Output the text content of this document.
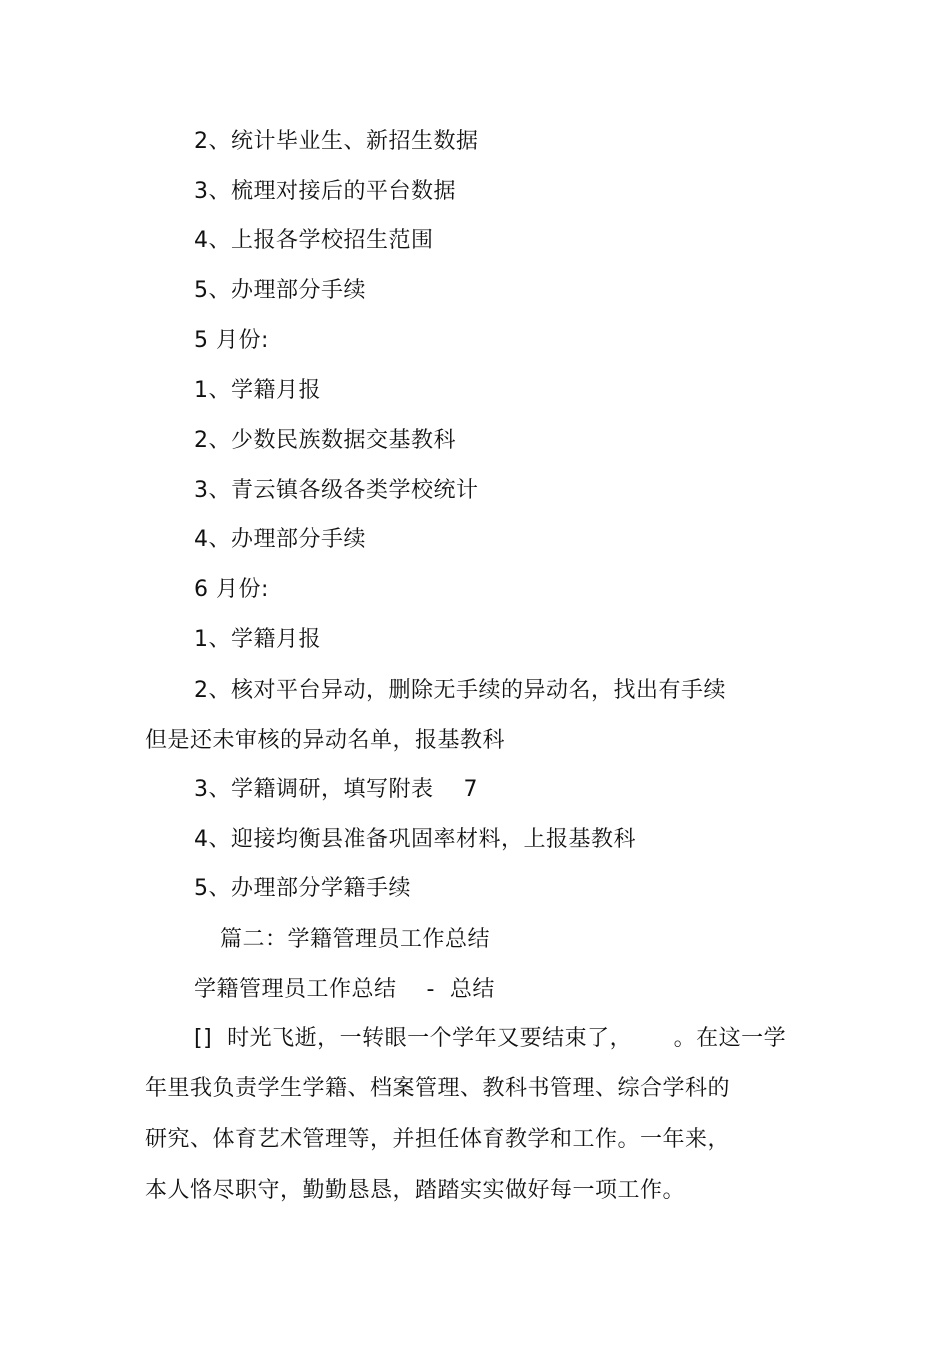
2、统计毕业生、新招生数据
3、梳理对接后的平台数据
4、上报各学校招生范围
5、办理部分手续
5 月份:
1、学籍月报
2、少数民族数据交基教科
3、青云镇各级各类学校统计
4、办理部分手续
6 月份:
1、学籍月报
2、核对平台异动，删除无手续的异动名，找出有手续
但是还未审核的异动名单，报基教科
3、学籍调研，填写附表　 7
4、迎接均衡县准备巩固率材料，上报基教科
5、办理部分学籍手续
篇二：学籍管理员工作总结
学籍管理员工作总结　 -  总结
[]  时光飞逝，一转眼一个学年又要结束了，　　 。在这一学
年里我负责学生学籍、档案管理、教科书管理、综合学科的
研究、体育艺术管理等，并担任体育教学和工作。一年来，
本人恪尽职守，勤勤恳恳，踏踏实实做好每一项工作。
